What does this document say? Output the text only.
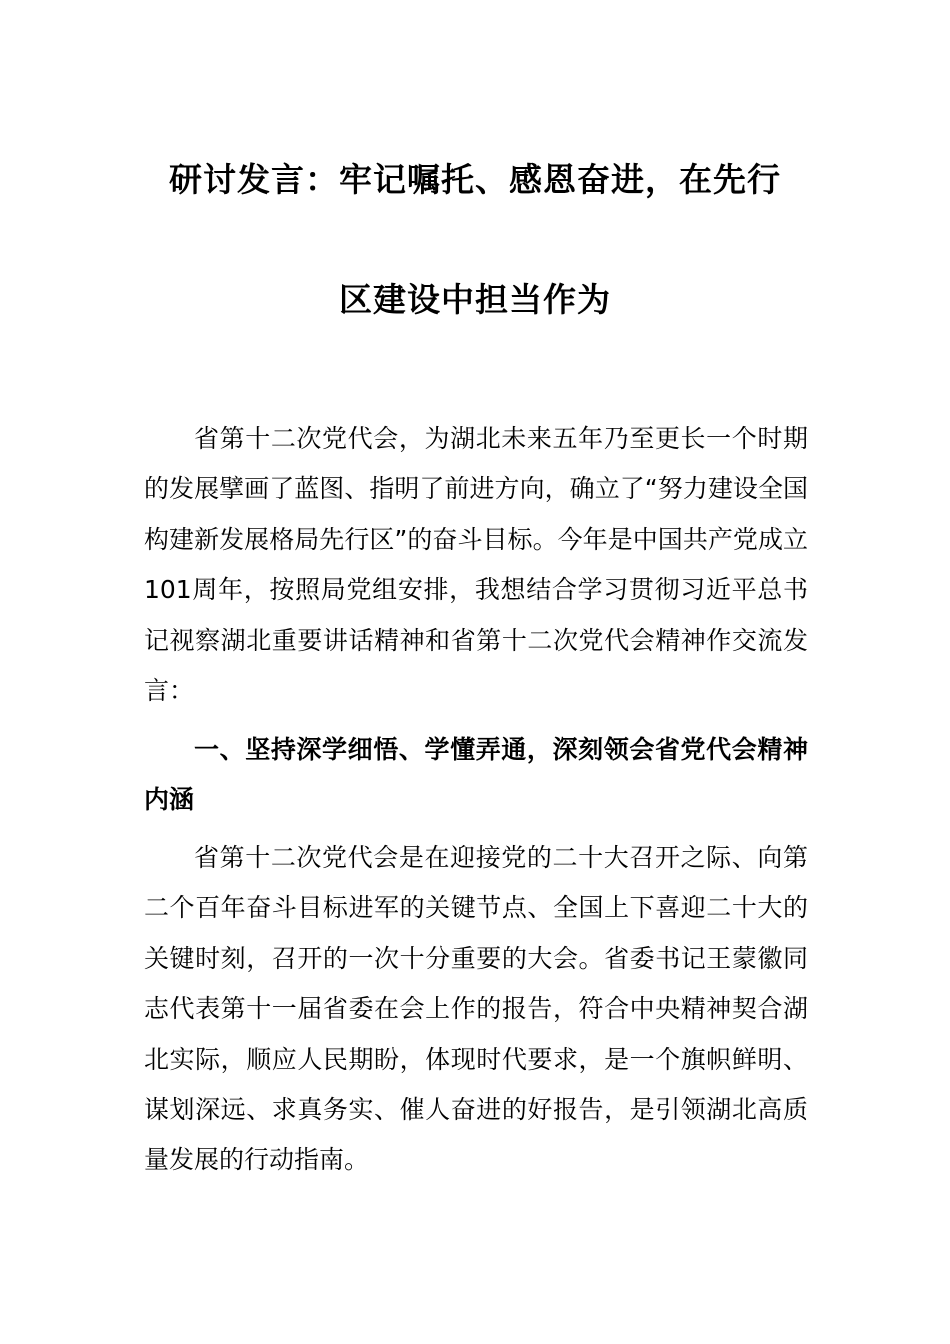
研讨发言：牢记嘱托、感恩奋进，在先行
区建设中担当作为
省第十二次党代会，为湖北未来五年乃至更长一个时期的发展擘画了蓝图、指明了前进方向，确立了“努力建设全国构建新发展格局先行区”的奋斗目标。今年是中国共产党成立101周年，按照局党组安排，我想结合学习贯彻习近平总书记视察湖北重要讲话精神和省第十二次党代会精神作交流发言：
一、坚持深学细悟、学懂弄通，深刻领会省党代会精神内涵
省第十二次党代会是在迎接党的二十大召开之际、向第二个百年奋斗目标进军的关键节点、全国上下喜迎二十大的关键时刻，召开的一次十分重要的大会。省委书记王蒙徽同志代表第十一届省委在会上作的报告，符合中央精神契合湖北实际，顺应人民期盼，体现时代要求，是一个旗帜鲜明、谋划深远、求真务实、催人奋进的好报告，是引领湖北高质量发展的行动指南。
